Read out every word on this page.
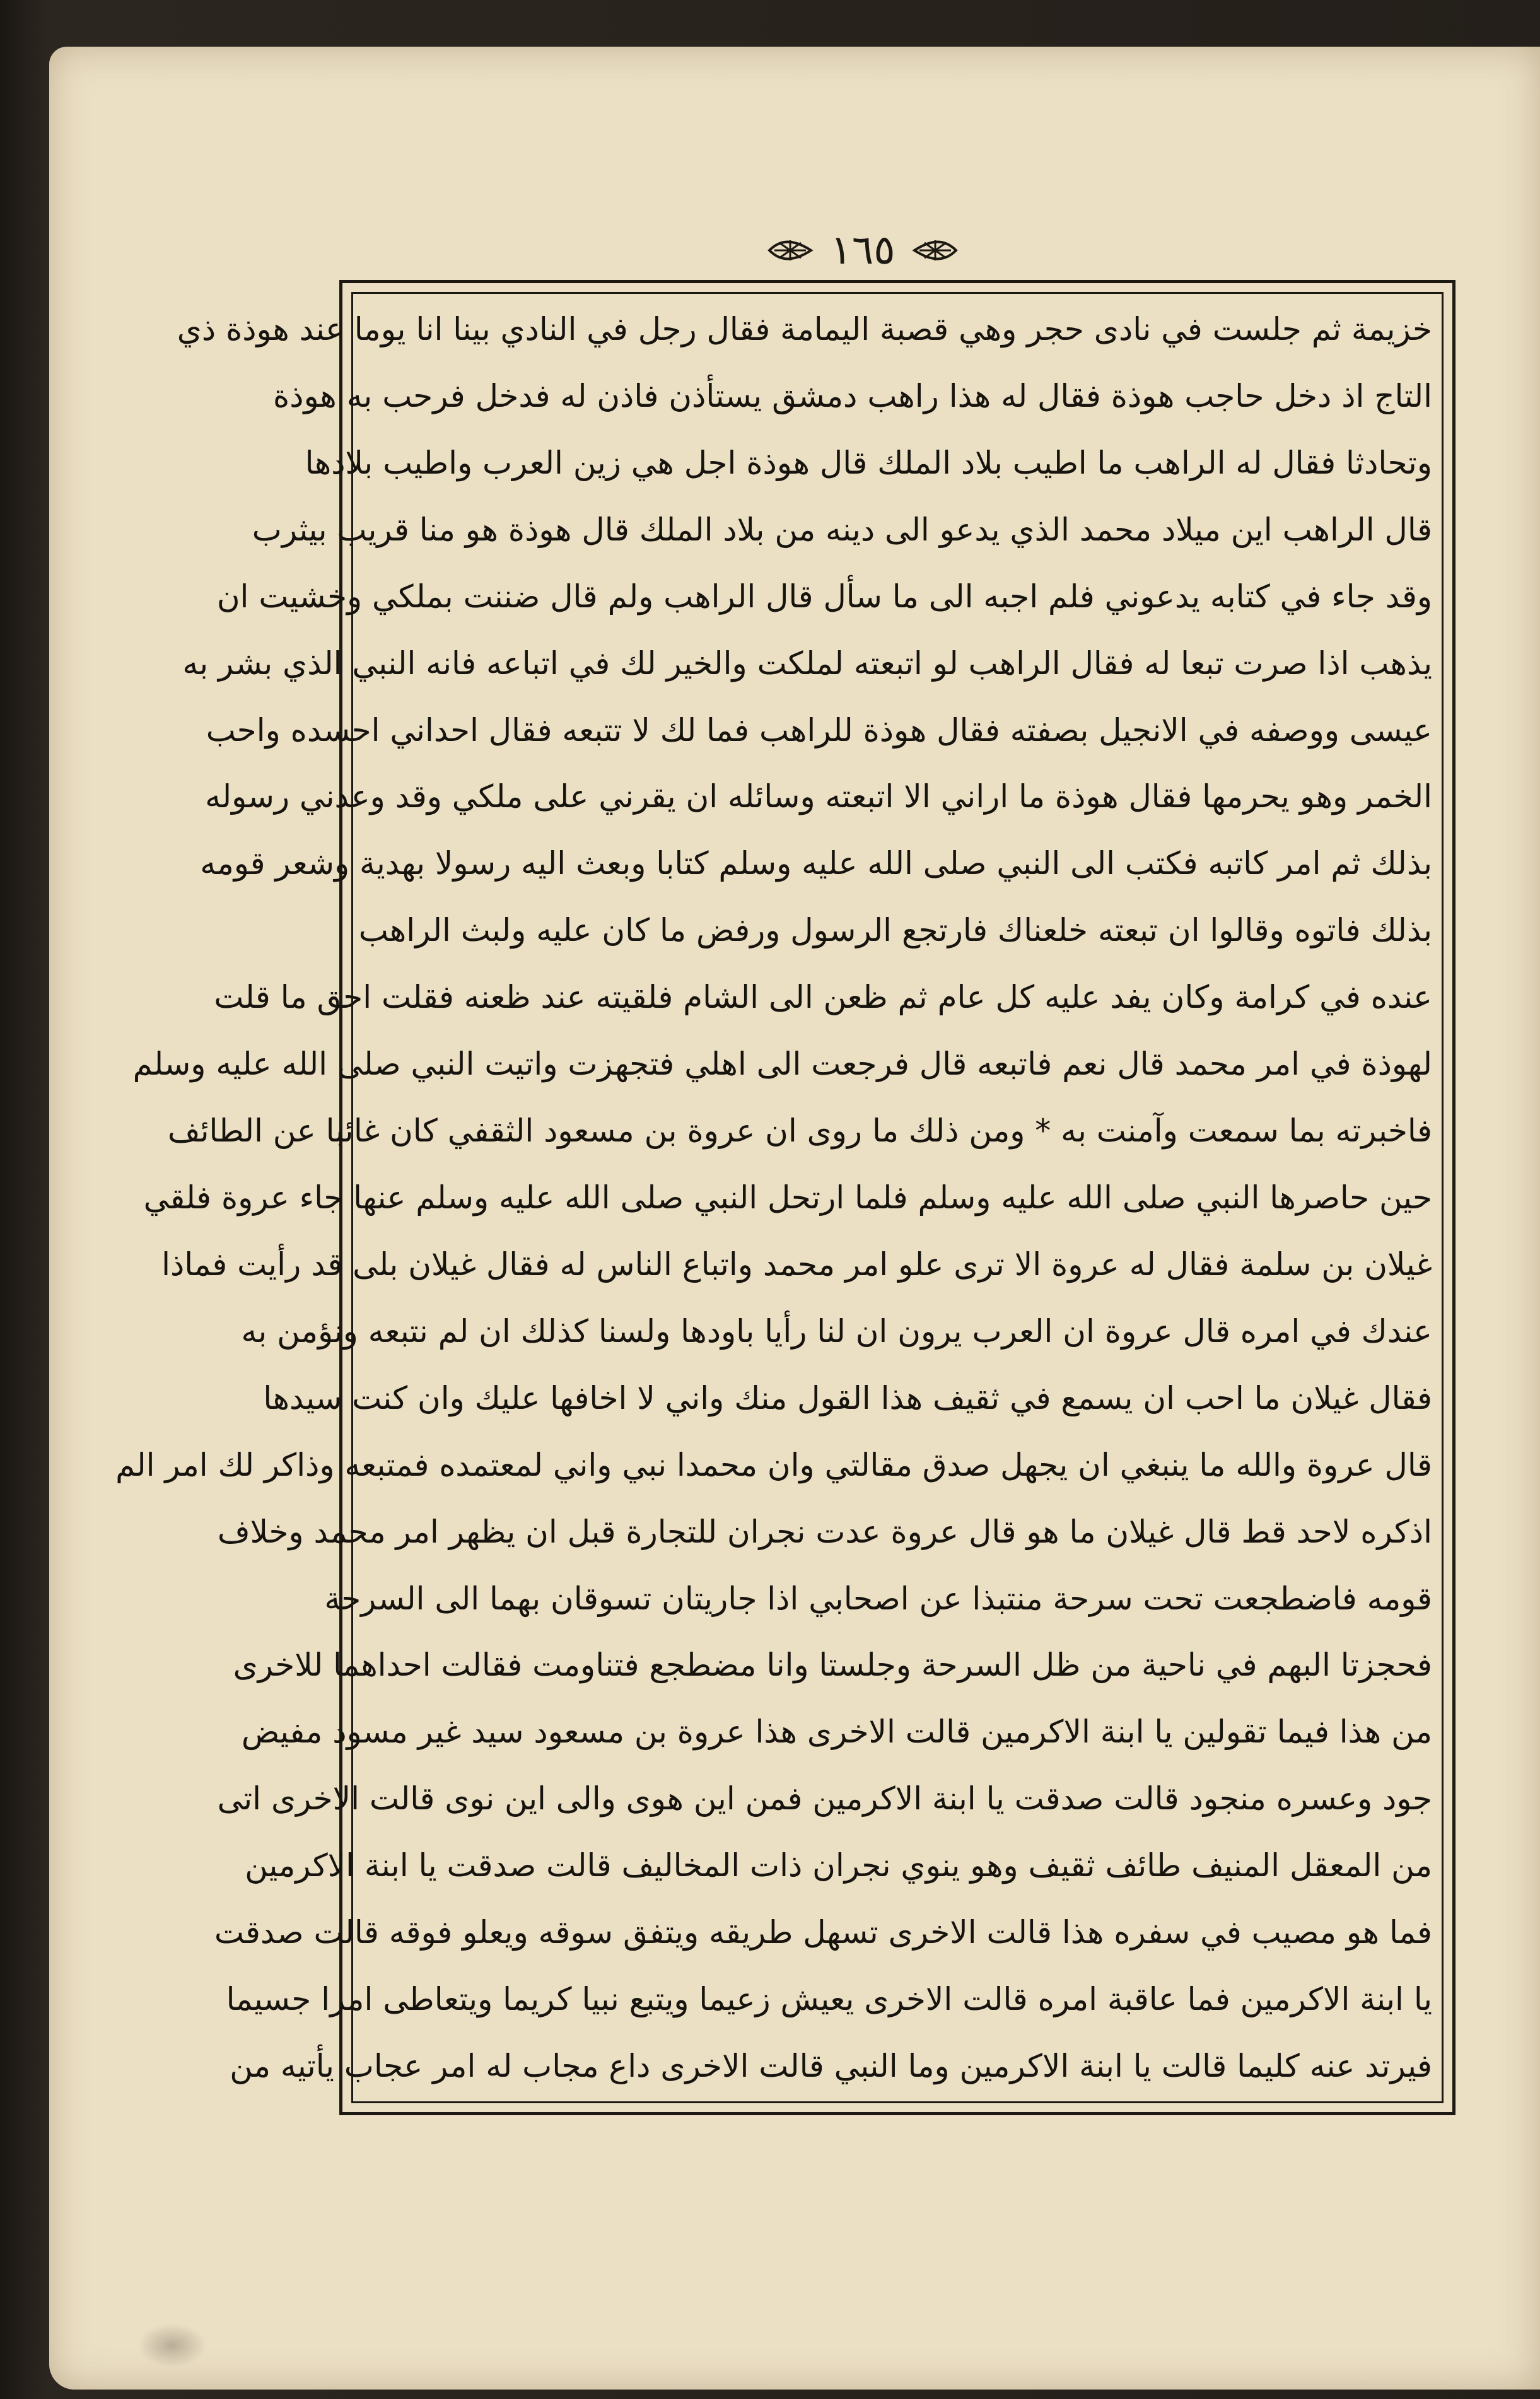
١٦٥
خزيمة ثم جلست في نادى حجر وهي قصبة اليمامة فقال رجل في النادي بينا انا يوما عند هوذة ذي
التاج اذ دخل حاجب هوذة فقال له هذا راهب دمشق يستأذن فاذن له فدخل فرحب به هوذة
وتحادثا فقال له الراهب ما اطيب بلاد الملك قال هوذة اجل هي زين العرب واطيب بلادها
قال الراهب اين ميلاد محمد الذي يدعو الى دينه من بلاد الملك قال هوذة هو منا قريب بيثرب
وقد جاء في كتابه يدعوني فلم اجبه الى ما سأل قال الراهب ولم قال ضننت بملكي وخشيت ان
يذهب اذا صرت تبعا له فقال الراهب لو اتبعته لملكت والخير لك في اتباعه فانه النبي الذي بشر به
عيسى ووصفه في الانجيل بصفته فقال هوذة للراهب فما لك لا تتبعه فقال احداني احسده واحب
الخمر وهو يحرمها فقال هوذة ما اراني الا اتبعته وسائله ان يقرني على ملكي وقد وعدني رسوله
بذلك ثم امر كاتبه فكتب الى النبي صلى الله عليه وسلم كتابا وبعث اليه رسولا بهدية وشعر قومه
بذلك فاتوه وقالوا ان تبعته خلعناك فارتجع الرسول ورفض ما كان عليه ولبث الراهب
عنده في كرامة وكان يفد عليه كل عام ثم ظعن الى الشام فلقيته عند ظعنه فقلت احق ما قلت
لهوذة في امر محمد قال نعم فاتبعه قال فرجعت الى اهلي فتجهزت واتيت النبي صلى الله عليه وسلم
فاخبرته بما سمعت وآمنت به * ومن ذلك ما روى ان عروة بن مسعود الثقفي كان غائبا عن الطائف
حين حاصرها النبي صلى الله عليه وسلم فلما ارتحل النبي صلى الله عليه وسلم عنها جاء عروة فلقي
غيلان بن سلمة فقال له عروة الا ترى علو امر محمد واتباع الناس له فقال غيلان بلى قد رأيت فماذا
عندك في امره قال عروة ان العرب يرون ان لنا رأيا باودها ولسنا كذلك ان لم نتبعه ونؤمن به
فقال غيلان ما احب ان يسمع في ثقيف هذا القول منك واني لا اخافها عليك وان كنت سيدها
قال عروة والله ما ينبغي ان يجهل صدق مقالتي وان محمدا نبي واني لمعتمده فمتبعه وذاكر لك امر الم
اذكره لاحد قط قال غيلان ما هو قال عروة عدت نجران للتجارة قبل ان يظهر امر محمد وخلاف
قومه فاضطجعت تحت سرحة منتبذا عن اصحابي اذا جاريتان تسوقان بهما الى السرحة
فحجزتا البهم في ناحية من ظل السرحة وجلستا وانا مضطجع فتناومت فقالت احداهما للاخرى
من هذا فيما تقولين يا ابنة الاكرمين قالت الاخرى هذا عروة بن مسعود سيد غير مسود مفيض
جود وعسره منجود قالت صدقت يا ابنة الاكرمين فمن اين هوى والى اين نوى قالت الاخرى اتى
من المعقل المنيف طائف ثقيف وهو ينوي نجران ذات المخاليف قالت صدقت يا ابنة الاكرمين
فما هو مصيب في سفره هذا قالت الاخرى تسهل طريقه ويتفق سوقه ويعلو فوقه قالت صدقت
يا ابنة الاكرمين فما عاقبة امره قالت الاخرى يعيش زعيما ويتبع نبيا كريما ويتعاطى امرا جسيما
فيرتد عنه كليما قالت يا ابنة الاكرمين وما النبي قالت الاخرى داع مجاب له امر عجاب يأتيه من
